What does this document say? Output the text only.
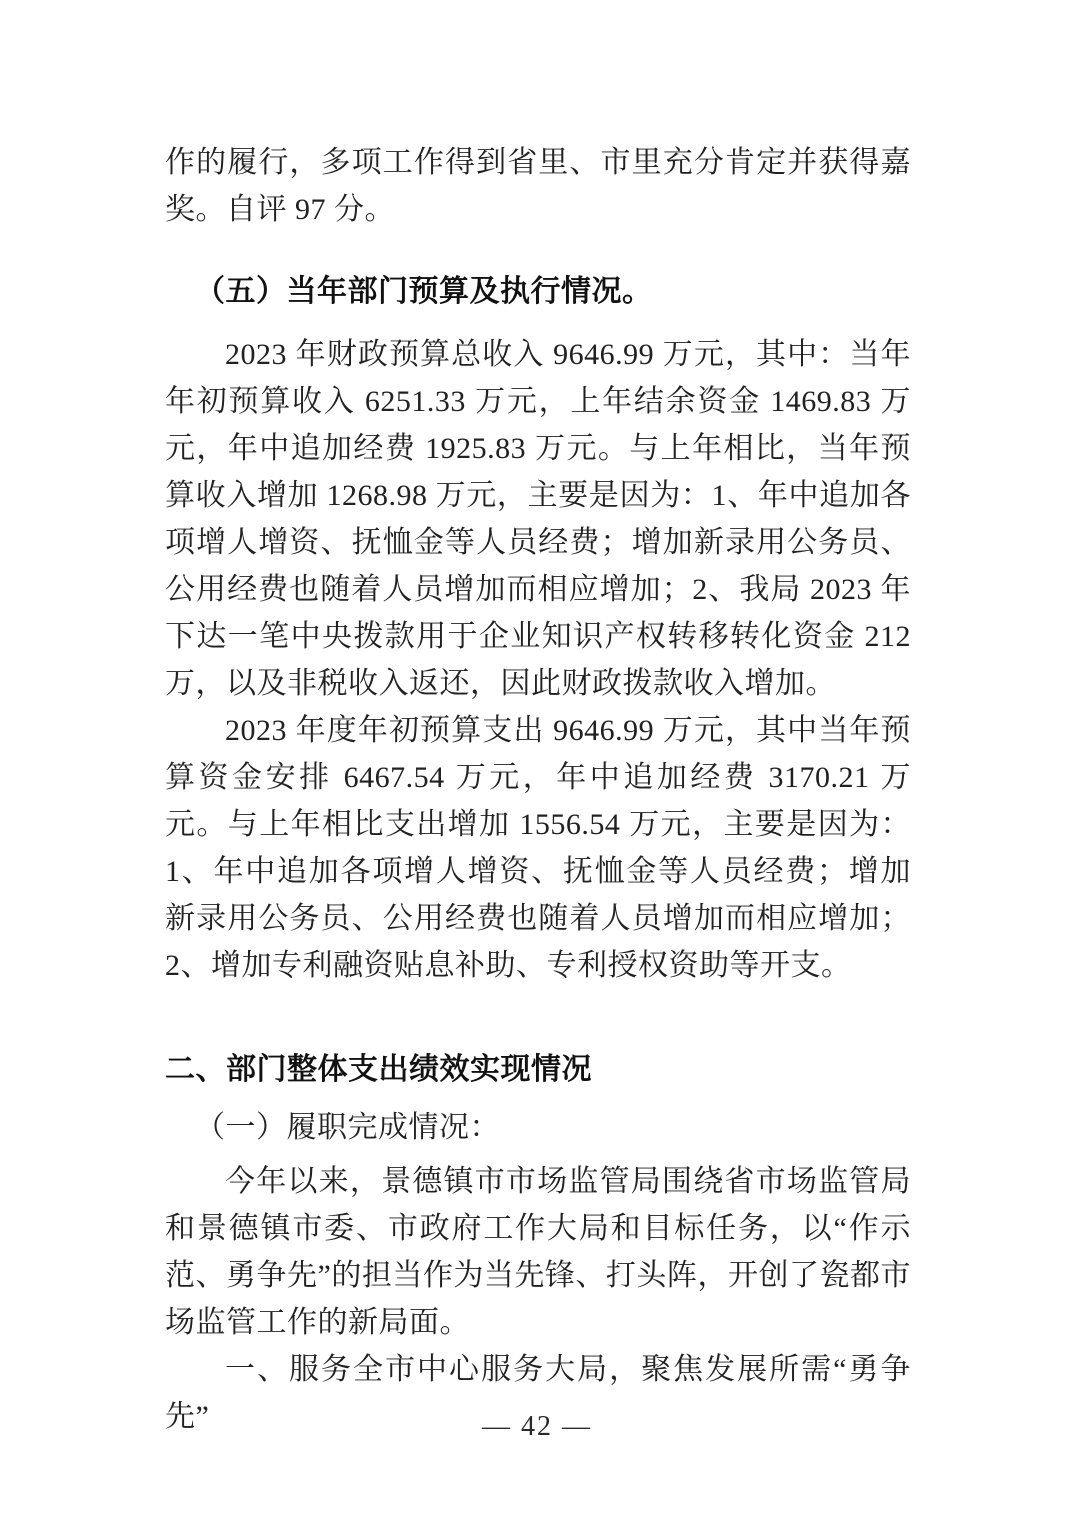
作的履行，多项工作得到省里、市里充分肯定并获得嘉奖。自评 97 分。

（五）当年部门预算及执行情况。

2023 年财政预算总收入 9646.99 万元，其中：当年年初预算收入 6251.33 万元，上年结余资金 1469.83 万元，年中追加经费 1925.83 万元。与上年相比，当年预算收入增加 1268.98 万元，主要是因为：1、年中追加各项增人增资、抚恤金等人员经费；增加新录用公务员、公用经费也随着人员增加而相应增加；2、我局 2023 年下达一笔中央拨款用于企业知识产权转移转化资金 212 万，以及非税收入返还，因此财政拨款收入增加。

2023 年度年初预算支出 9646.99 万元，其中当年预算资金安排 6467.54 万元，年中追加经费 3170.21 万元。与上年相比支出增加 1556.54 万元，主要是因为：1、年中追加各项增人增资、抚恤金等人员经费；增加新录用公务员、公用经费也随着人员增加而相应增加；2、增加专利融资贴息补助、专利授权资助等开支。

二、部门整体支出绩效实现情况

（一）履职完成情况：

今年以来，景德镇市市场监管局围绕省市场监管局和景德镇市委、市政府工作大局和目标任务，以“作示范、勇争先”的担当作为当先锋、打头阵，开创了瓷都市场监管工作的新局面。

一、服务全市中心服务大局，聚焦发展所需“勇争先”	— 42 —
